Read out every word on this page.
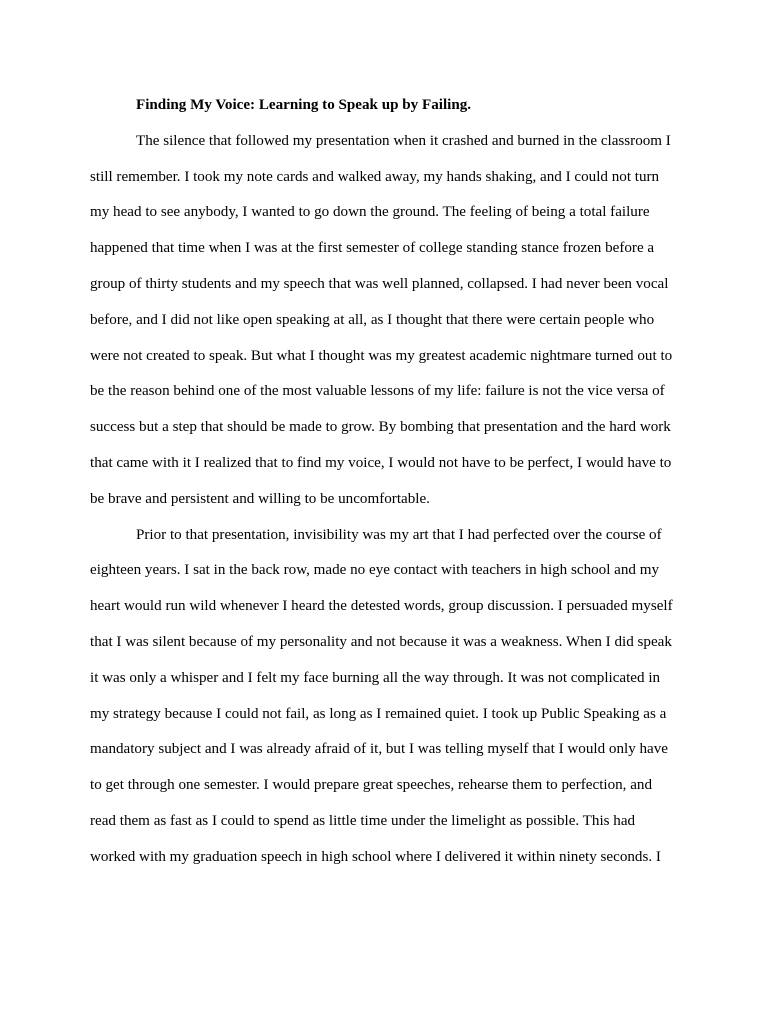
Finding My Voice: Learning to Speak up by Failing.
The silence that followed my presentation when it crashed and burned in the classroom I
still remember. I took my note cards and walked away, my hands shaking, and I could not turn
my head to see anybody, I wanted to go down the ground. The feeling of being a total failure
happened that time when I was at the first semester of college standing stance frozen before a
group of thirty students and my speech that was well planned, collapsed. I had never been vocal
before, and I did not like open speaking at all, as I thought that there were certain people who
were not created to speak. But what I thought was my greatest academic nightmare turned out to
be the reason behind one of the most valuable lessons of my life: failure is not the vice versa of
success but a step that should be made to grow. By bombing that presentation and the hard work
that came with it I realized that to find my voice, I would not have to be perfect, I would have to
be brave and persistent and willing to be uncomfortable.
Prior to that presentation, invisibility was my art that I had perfected over the course of
eighteen years. I sat in the back row, made no eye contact with teachers in high school and my
heart would run wild whenever I heard the detested words, group discussion. I persuaded myself
that I was silent because of my personality and not because it was a weakness. When I did speak
it was only a whisper and I felt my face burning all the way through. It was not complicated in
my strategy because I could not fail, as long as I remained quiet. I took up Public Speaking as a
mandatory subject and I was already afraid of it, but I was telling myself that I would only have
to get through one semester. I would prepare great speeches, rehearse them to perfection, and
read them as fast as I could to spend as little time under the limelight as possible. This had
worked with my graduation speech in high school where I delivered it within ninety seconds. I
